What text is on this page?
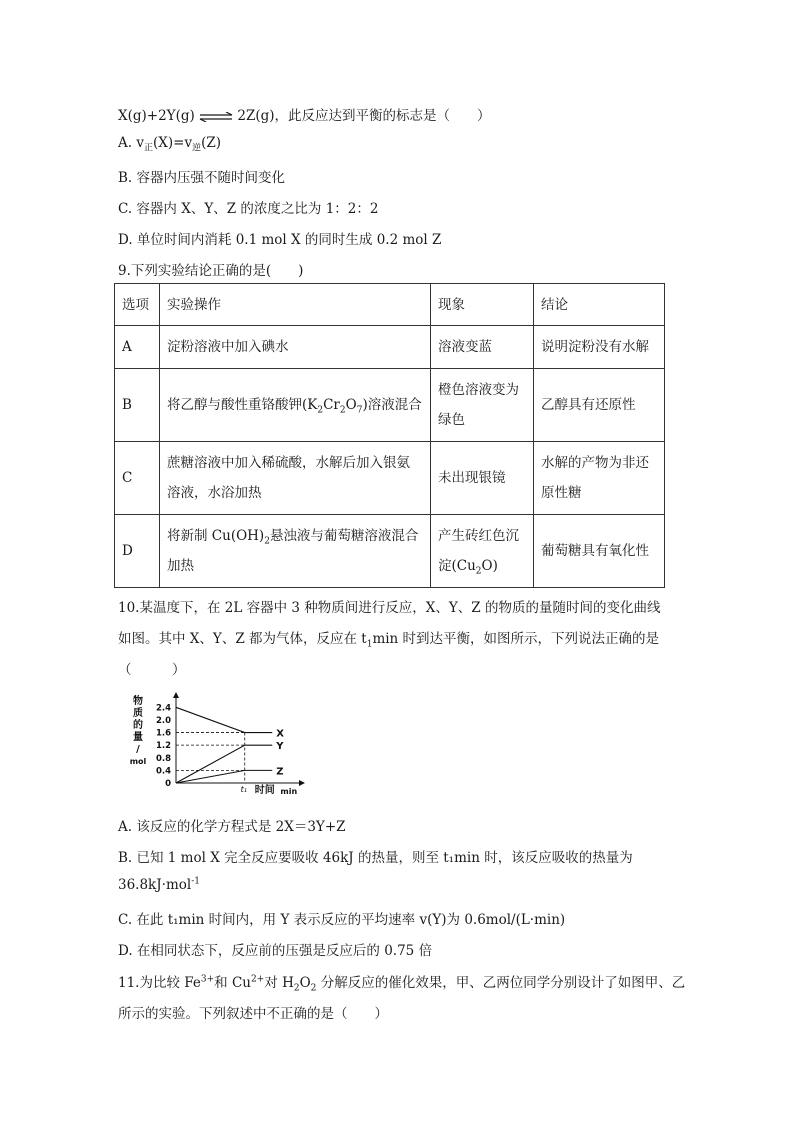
X(g)+2Y(g) ⇌ 2Z(g)，此反应达到平衡的标志是（　　）
A. $v_正(X)=v_逆(Z)$
B. 容器内压强不随时间变化
C. 容器内 X、Y、Z 的浓度之比为 1：2：2
D. 单位时间内消耗 0.1 mol X 的同时生成 0.2 mol Z
9.下列实验结论正确的是(　　)
选项	实验操作	现象	结论
A	淀粉溶液中加入碘水	溶液变蓝	说明淀粉没有水解
B	将乙醇与酸性重铬酸钾$(K_2Cr_2O_7)$溶液混合	橙色溶液变为绿色	乙醇具有还原性
C	蔗糖溶液中加入稀硫酸，水解后加入银氨溶液，水浴加热	未出现银镜	水解的产物为非还原性糖
D	将新制 $Cu(OH)_2$悬浊液与葡萄糖溶液混合加热	产生砖红色沉淀$(Cu_2O)$	葡萄糖具有氧化性
10.某温度下，在 2L 容器中 3 种物质间进行反应，X、Y、Z 的物质的量随时间的变化曲线
如图。其中 X、Y、Z 都为气体，反应在 $t_1\min$ 时到达平衡，如图所示，下列说法正确的是
（　　　）
物
质
的
量
/
mol
2.4
2.0
1.6
1.2
0.8
0.4
0
X
Y
Z
t₁ 时间 min
A. 该反应的化学方程式是 2X＝3Y+Z
B. 已知 1 mol X 完全反应要吸收 46kJ 的热量，则至 t₁min 时，该反应吸收的热量为
36.8kJ·mol$^{-1}$
C. 在此 t₁min 时间内，用 Y 表示反应的平均速率 v(Y)为 0.6mol/(L·min)
D. 在相同状态下，反应前的压强是反应后的 0.75 倍
11.为比较 $Fe^{3+}$和 $Cu^{2+}$对 $H_2O_2$ 分解反应的催化效果，甲、乙两位同学分别设计了如图甲、乙
所示的实验。下列叙述中不正确的是（　　）
